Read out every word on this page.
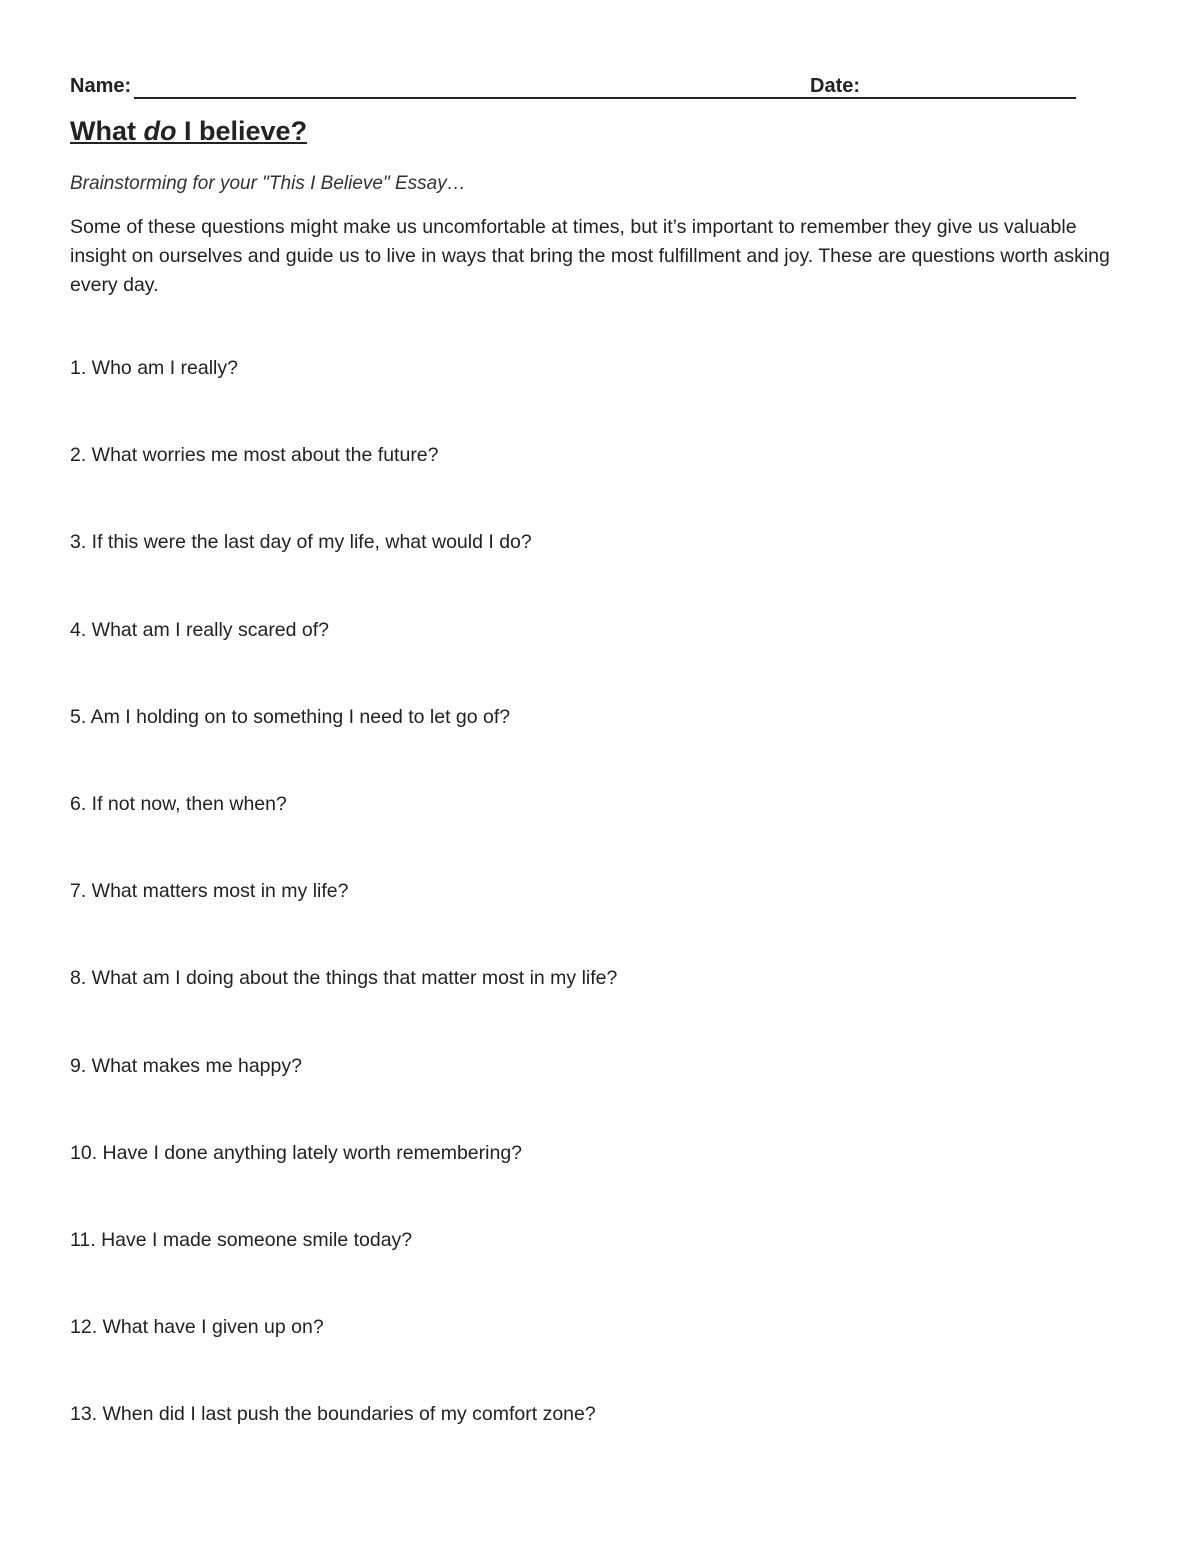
Name:	Date:
What do I believe?
Brainstorming for your "This I Believe" Essay…
Some of these questions might make us uncomfortable at times, but it’s important to remember they give us valuable insight on ourselves and guide us to live in ways that bring the most fulfillment and joy. These are questions worth asking every day.
1. Who am I really?
2. What worries me most about the future?
3. If this were the last day of my life, what would I do?
4. What am I really scared of?
5. Am I holding on to something I need to let go of?
6. If not now, then when?
7. What matters most in my life?
8. What am I doing about the things that matter most in my life?
9. What makes me happy?
10. Have I done anything lately worth remembering?
11. Have I made someone smile today?
12. What have I given up on?
13. When did I last push the boundaries of my comfort zone?
